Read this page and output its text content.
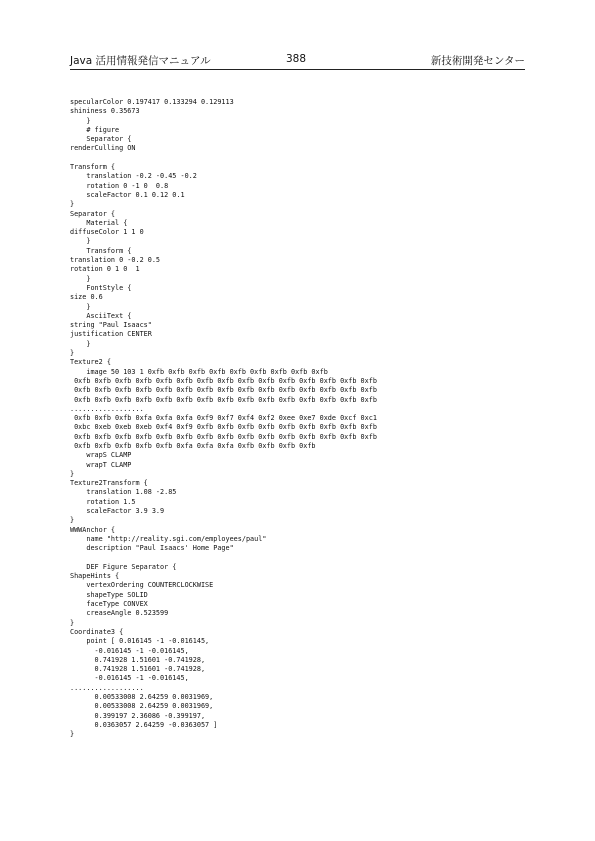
Java 活用情報発信マニュアル	388	新技術開発センター
specularColor 0.197417 0.133294 0.129113
shininess 0.35673
}
# figure
Separator {
renderCulling ON
Transform {
translation -0.2 -0.45 -0.2
rotation 0 -1 0  0.8
scaleFactor 0.1 0.12 0.1
}
Separator {
Material {
diffuseColor 1 1 0
}
Transform {
translation 0 -0.2 0.5
rotation 0 1 0  1
}
FontStyle {
size 0.6
}
AsciiText {
string "Paul Isaacs"
justification CENTER
}
}
Texture2 {
image 50 103 1 0xfb 0xfb 0xfb 0xfb 0xfb 0xfb 0xfb 0xfb 0xfb
0xfb 0xfb 0xfb 0xfb 0xfb 0xfb 0xfb 0xfb 0xfb 0xfb 0xfb 0xfb 0xfb 0xfb 0xfb
0xfb 0xfb 0xfb 0xfb 0xfb 0xfb 0xfb 0xfb 0xfb 0xfb 0xfb 0xfb 0xfb 0xfb 0xfb
0xfb 0xfb 0xfb 0xfb 0xfb 0xfb 0xfb 0xfb 0xfb 0xfb 0xfb 0xfb 0xfb 0xfb 0xfb
..................
0xfb 0xfb 0xfb 0xfa 0xfa 0xfa 0xf9 0xf7 0xf4 0xf2 0xee 0xe7 0xde 0xcf 0xc1
0xbc 0xeb 0xeb 0xeb 0xf4 0xf9 0xfb 0xfb 0xfb 0xfb 0xfb 0xfb 0xfb 0xfb 0xfb
0xfb 0xfb 0xfb 0xfb 0xfb 0xfb 0xfb 0xfb 0xfb 0xfb 0xfb 0xfb 0xfb 0xfb 0xfb
0xfb 0xfb 0xfb 0xfb 0xfb 0xfa 0xfa 0xfa 0xfb 0xfb 0xfb 0xfb
wrapS CLAMP
wrapT CLAMP
}
Texture2Transform {
translation 1.08 -2.85
rotation 1.5
scaleFactor 3.9 3.9
}
WWWAnchor {
name "http://reality.sgi.com/employees/paul"
description "Paul Isaacs' Home Page"
DEF Figure Separator {
ShapeHints {
vertexOrdering COUNTERCLOCKWISE
shapeType SOLID
faceType CONVEX
creaseAngle 0.523599
}
Coordinate3 {
point [ 0.016145 -1 -0.016145,
-0.016145 -1 -0.016145,
0.741928 1.51601 -0.741928,
0.741928 1.51601 -0.741928,
-0.016145 -1 -0.016145,
..................
0.00533008 2.64259 0.0031969,
0.00533008 2.64259 0.0031969,
0.399197 2.36086 -0.399197,
0.0363057 2.64259 -0.0363057 ]
}
